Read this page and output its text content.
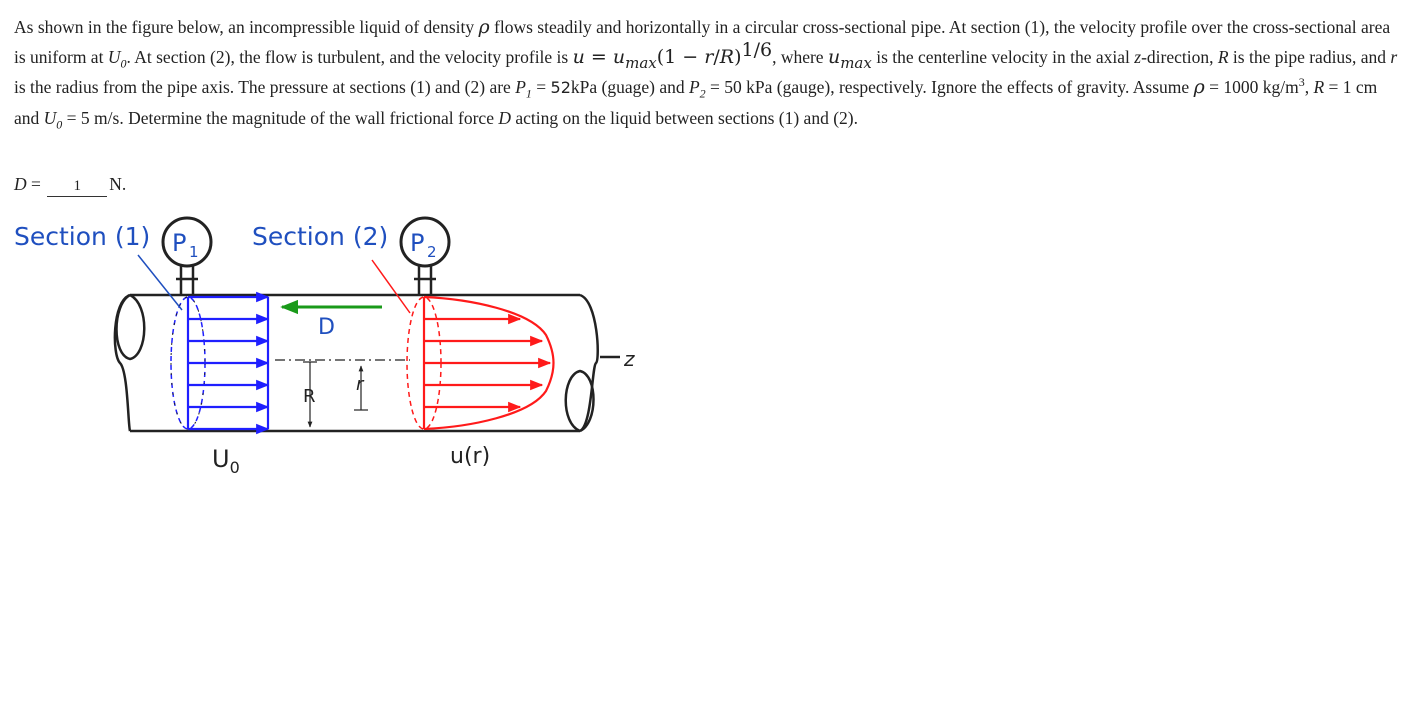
As shown in the figure below, an incompressible liquid of density ρ flows steadily and horizontally in a circular cross-sectional pipe. At section (1), the velocity profile over the cross-sectional area is uniform at $U_0$. At section (2), the flow is turbulent, and the velocity profile is $u = u_{max}(1 - r/R)^{1/6}$, where $u_{max}$ is the centerline velocity in the axial z-direction, R is the pipe radius, and r is the radius from the pipe axis. The pressure at sections (1) and (2) are $P_1 = 52kPa$ (guage) and $P_2 = 50$ kPa (gauge), respectively. Ignore the effects of gravity. Assume ρ = 1000 $kg/m^3$, R = 1 cm and $U_0 = 5$ m/s. Determine the magnitude of the wall frictional force D acting on the liquid between sections (1) and (2).

D = 1	N.
Section (1)	Section (2)
P 1	P 2
D
R
r
z
$U_0$	u(r)
